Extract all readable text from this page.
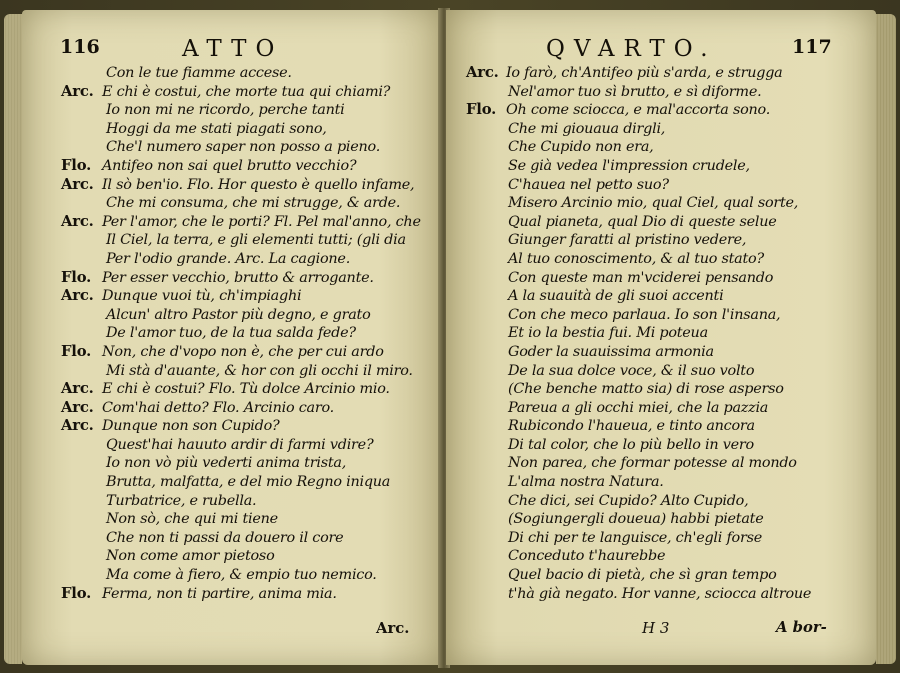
116	ATTO
Con le tue fiamme accese.
Arc. E chi è costui, che morte tua qui chiami?
Io non mi ne ricordo, perche tanti
Hoggi da me stati piagati sono,
Che'l numero saper non posso a pieno.
Flo. Antifeo non sai quel brutto vecchio?
Arc. Il sò ben'io. Flo. Hor questo è quello infame,
Che mi consuma, che mi strugge, & arde.
Arc. Per l'amor, che le porti? Fl. Pel mal'anno, che
Il Ciel, la terra, e gli elementi tutti; (gli dia
Per l'odio grande. Arc. La cagione.
Flo. Per esser vecchio, brutto & arrogante.
Arc. Dunque vuoi tù, ch'impiaghi
Alcun' altro Pastor più degno, e grato
De l'amor tuo, de la tua salda fede?
Flo. Non, che d'vopo non è, che per cui ardo
Mi stà d'auante, & hor con gli occhi il miro.
Arc. E chi è costui? Flo. Tù dolce Arcinio mio.
Arc. Com'hai detto? Flo. Arcinio caro.
Arc. Dunque non son Cupido?
Quest'hai hauuto ardir di farmi vdire?
Io non vò più vederti anima trista,
Brutta, malfatta, e del mio Regno iniqua
Turbatrice, e rubella.
Non sò, che qui mi tiene
Che non ti passi da douero il core
Non come amor pietoso
Ma come à fiero, & empio tuo nemico.
Flo. Ferma, non ti partire, anima mia.
Arc.
QVARTO.	117
Arc. Io farò, ch'Antifeo più s'arda, e strugga
Nel'amor tuo sì brutto, e sì diforme.
Flo. Oh come sciocca, e mal'accorta sono.
Che mi giouaua dirgli,
Che Cupido non era,
Se già vedea l'impression crudele,
C'haueа nel petto suo?
Misero Arcinio mio, qual Ciel, qual sorte,
Qual pianeta, qual Dio di queste selue
Giunger faratti al pristino vedere,
Al tuo conoscimento, & al tuo stato?
Con queste man m'vciderei pensando
A la suauità de gli suoi accenti
Con che meco parlaua. Io son l'insana,
Et io la bestia fui. Mi poteua
Goder la suauissima armonia
De la sua dolce voce, & il suo volto
(Che benche matto sia) di rose asperso
Pareua a gli occhi miei, che la pazzia
Rubicondo l'haueua, e tinto ancora
Di tal color, che lo più bello in vero
Non parea, che formar potesse al mondo
L'alma nostra Natura.
Che dici, sei Cupido? Alto Cupido,
(Sogiungergli doueua) habbi pietate
Di chi per te languisce, ch'egli forse
Conceduto t'haurebbe
Quel bacio di pietà, che sì gran tempo
t'hà già negato. Hor vanne, sciocca altroue
H 3	A bor-
